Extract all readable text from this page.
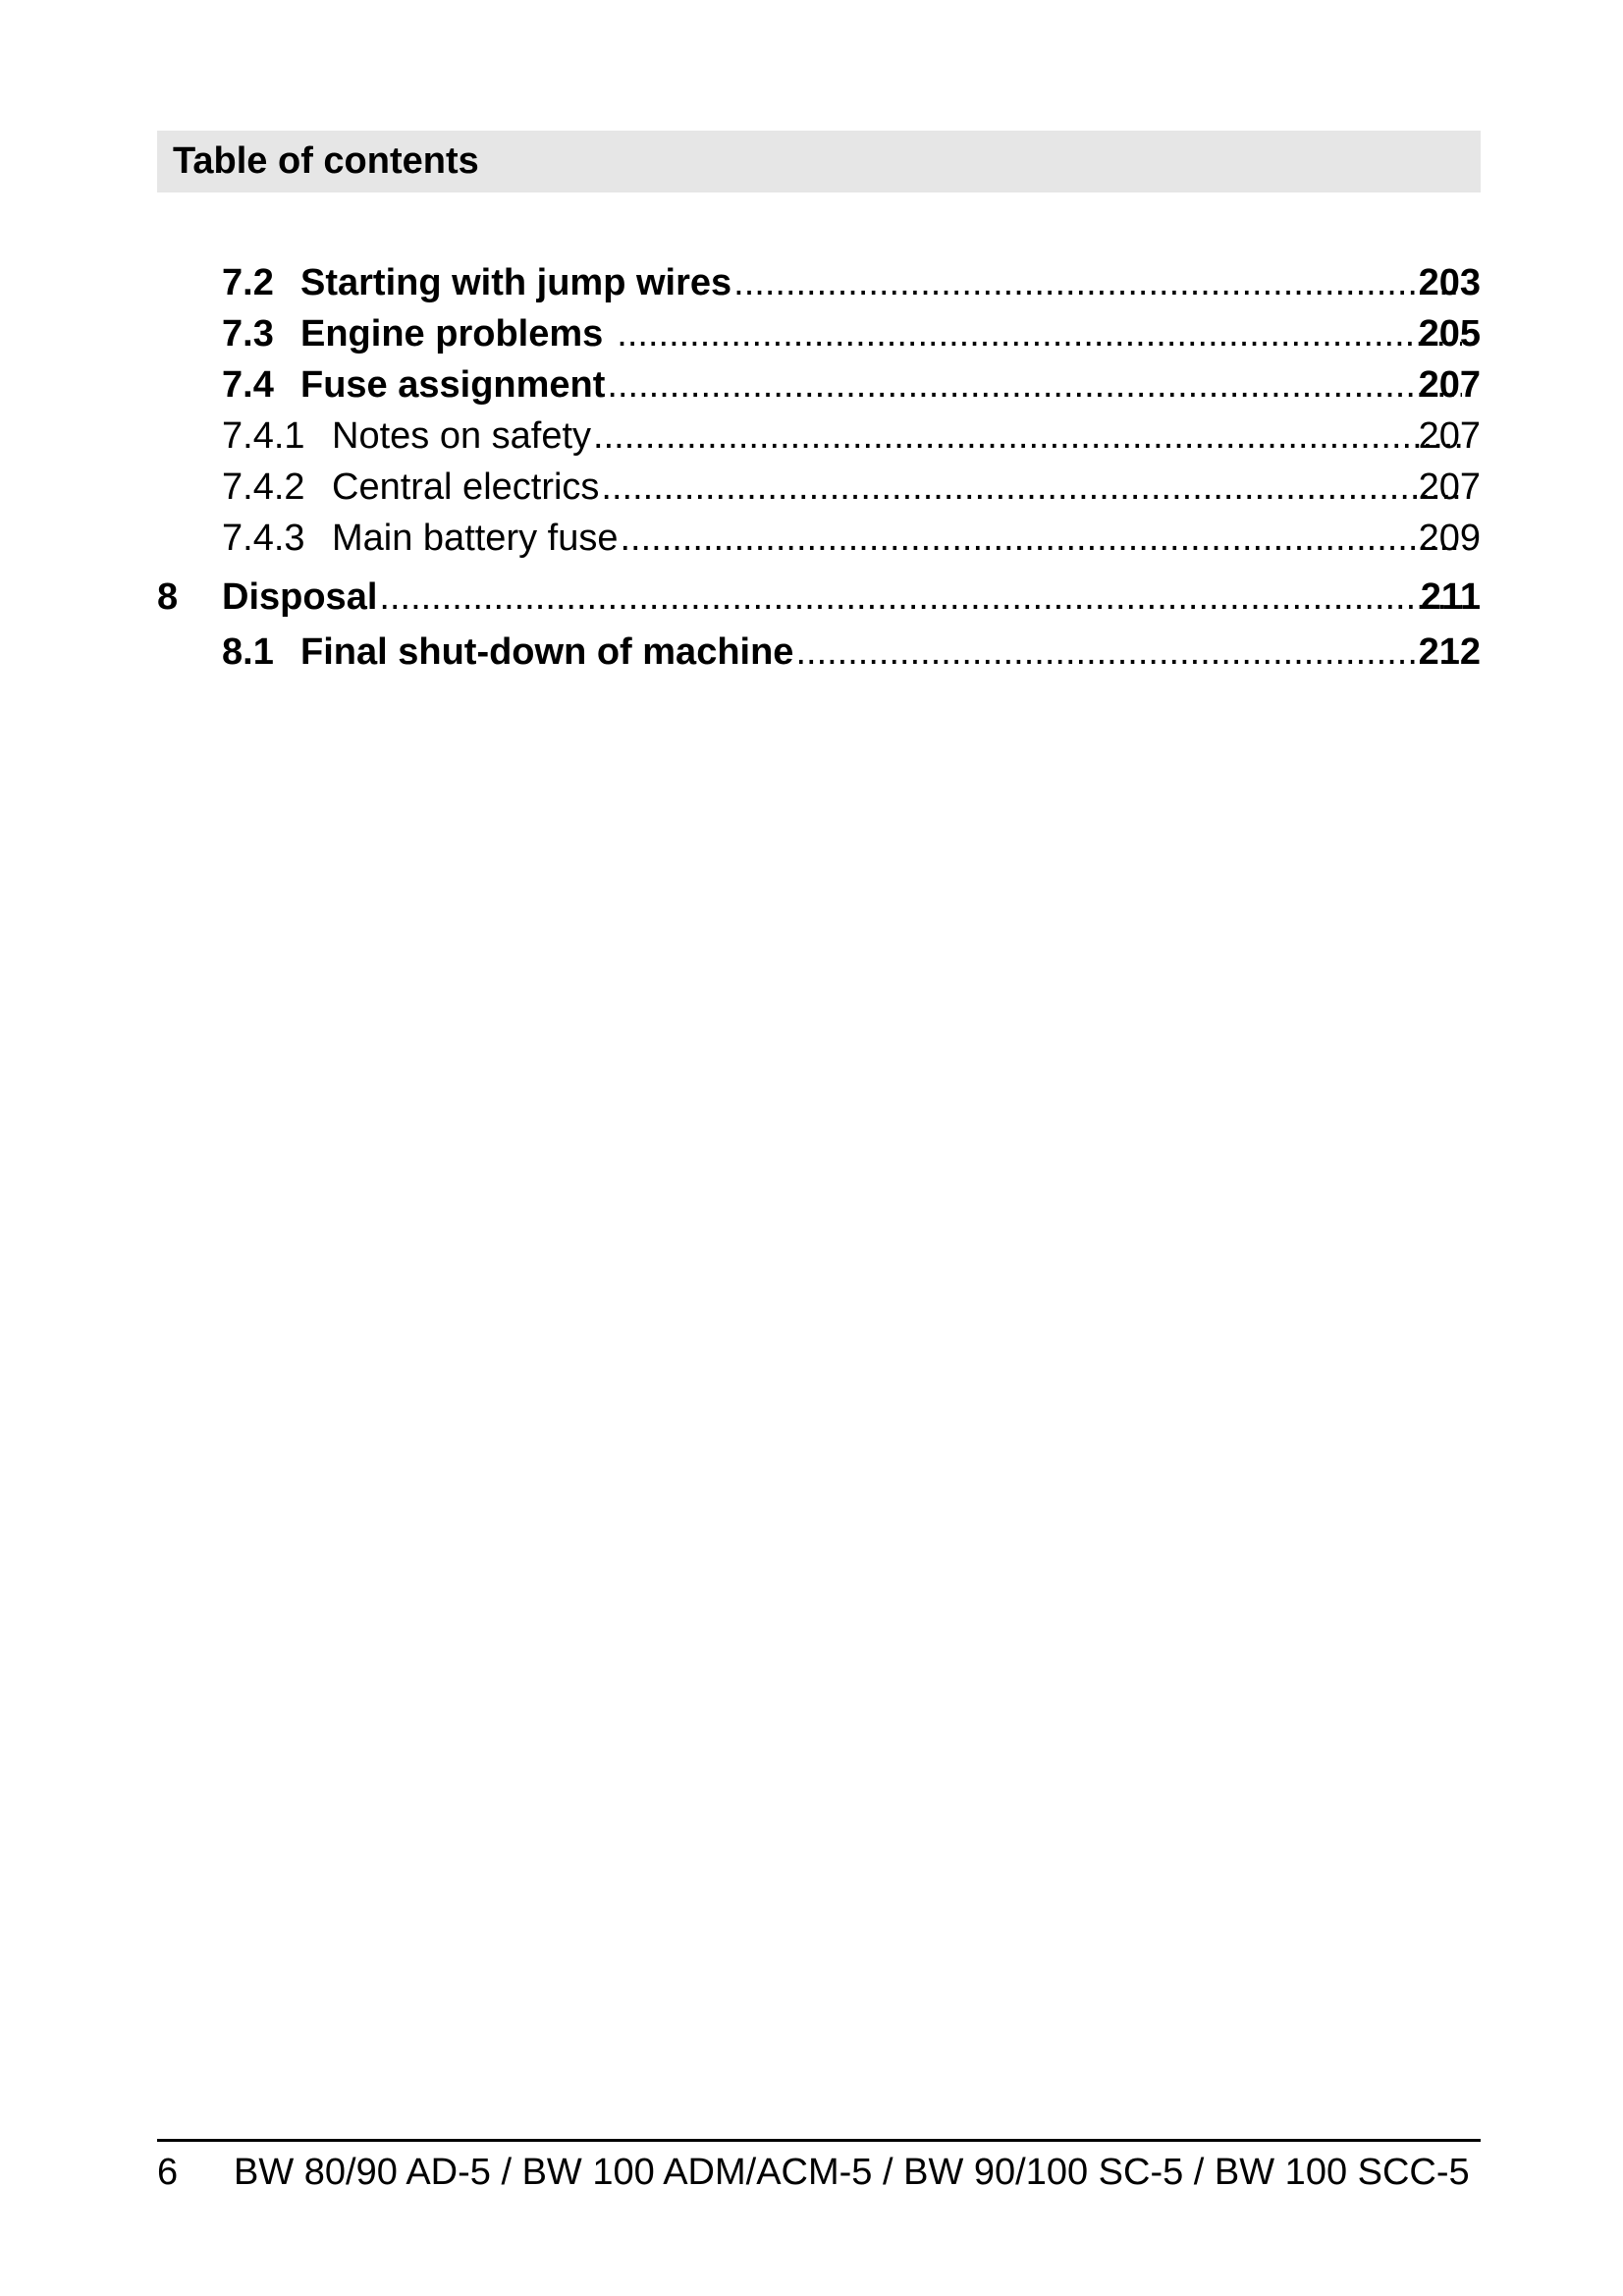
Table of contents
7.2 Starting with jump wires .....	203
7.3 Engine problems .....	205
7.4 Fuse assignment .....	207
7.4.1 Notes on safety .....	207
7.4.2 Central electrics .....	207
7.4.3 Main battery fuse .....	209
8 Disposal .....	211
8.1 Final shut-down of machine .....	212
6 BW 80/90 AD-5 / BW 100 ADM/ACM-5 / BW 90/100 SC-5 / BW 100 SCC-5
